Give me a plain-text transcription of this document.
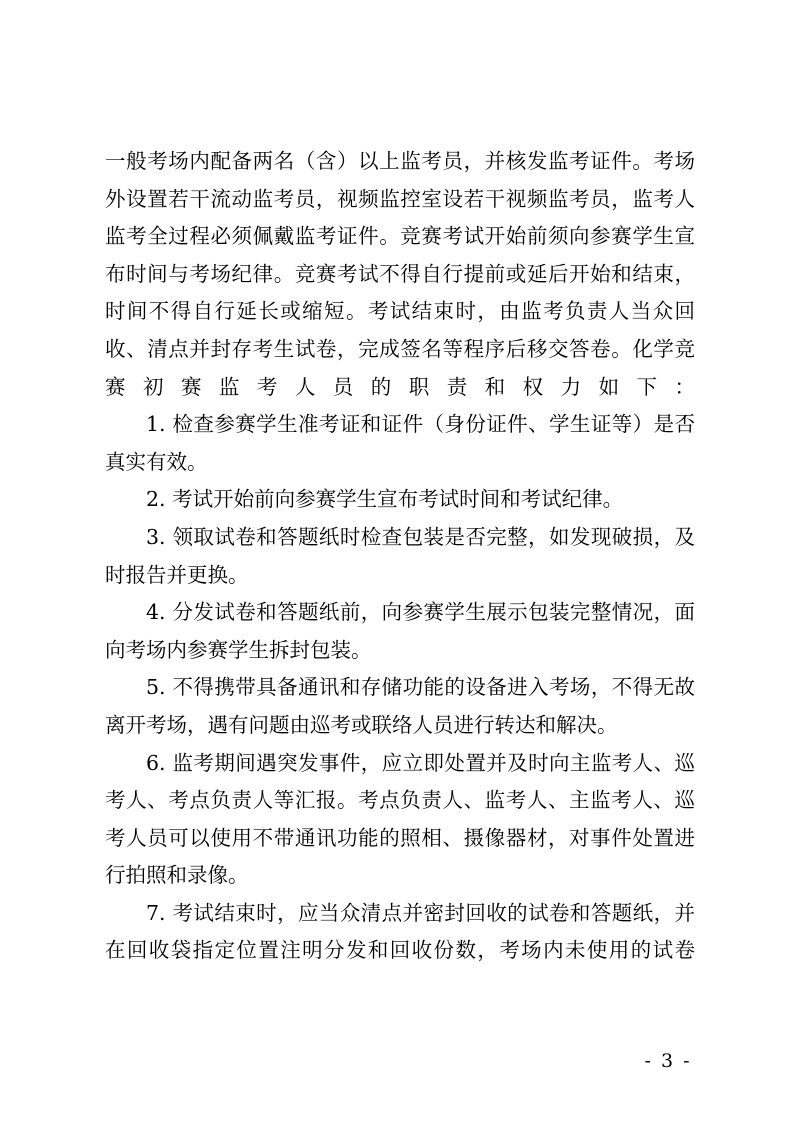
一般考场内配备两名（含）以上监考员，并核发监考证件。考场外设置若干流动监考员，视频监控室设若干视频监考员，监考人监考全过程必须佩戴监考证件。竞赛考试开始前须向参赛学生宣布时间与考场纪律。竞赛考试不得自行提前或延后开始和结束，时间不得自行延长或缩短。考试结束时，由监考负责人当众回收、清点并封存考生试卷，完成签名等程序后移交答卷。化学竞赛初赛监考人员的职责和权力如下：

1. 检查参赛学生准考证和证件（身份证件、学生证等）是否真实有效。

2. 考试开始前向参赛学生宣布考试时间和考试纪律。

3. 领取试卷和答题纸时检查包装是否完整，如发现破损，及时报告并更换。

4. 分发试卷和答题纸前，向参赛学生展示包装完整情况，面向考场内参赛学生拆封包装。

5. 不得携带具备通讯和存储功能的设备进入考场，不得无故离开考场，遇有问题由巡考或联络人员进行转达和解决。

6. 监考期间遇突发事件，应立即处置并及时向主监考人、巡考人、考点负责人等汇报。考点负责人、监考人、主监考人、巡考人员可以使用不带通讯功能的照相、摄像器材，对事件处置进行拍照和录像。

7. 考试结束时，应当众清点并密封回收的试卷和答题纸，并在回收袋指定位置注明分发和回收份数，考场内未使用的试卷

- 3 -
